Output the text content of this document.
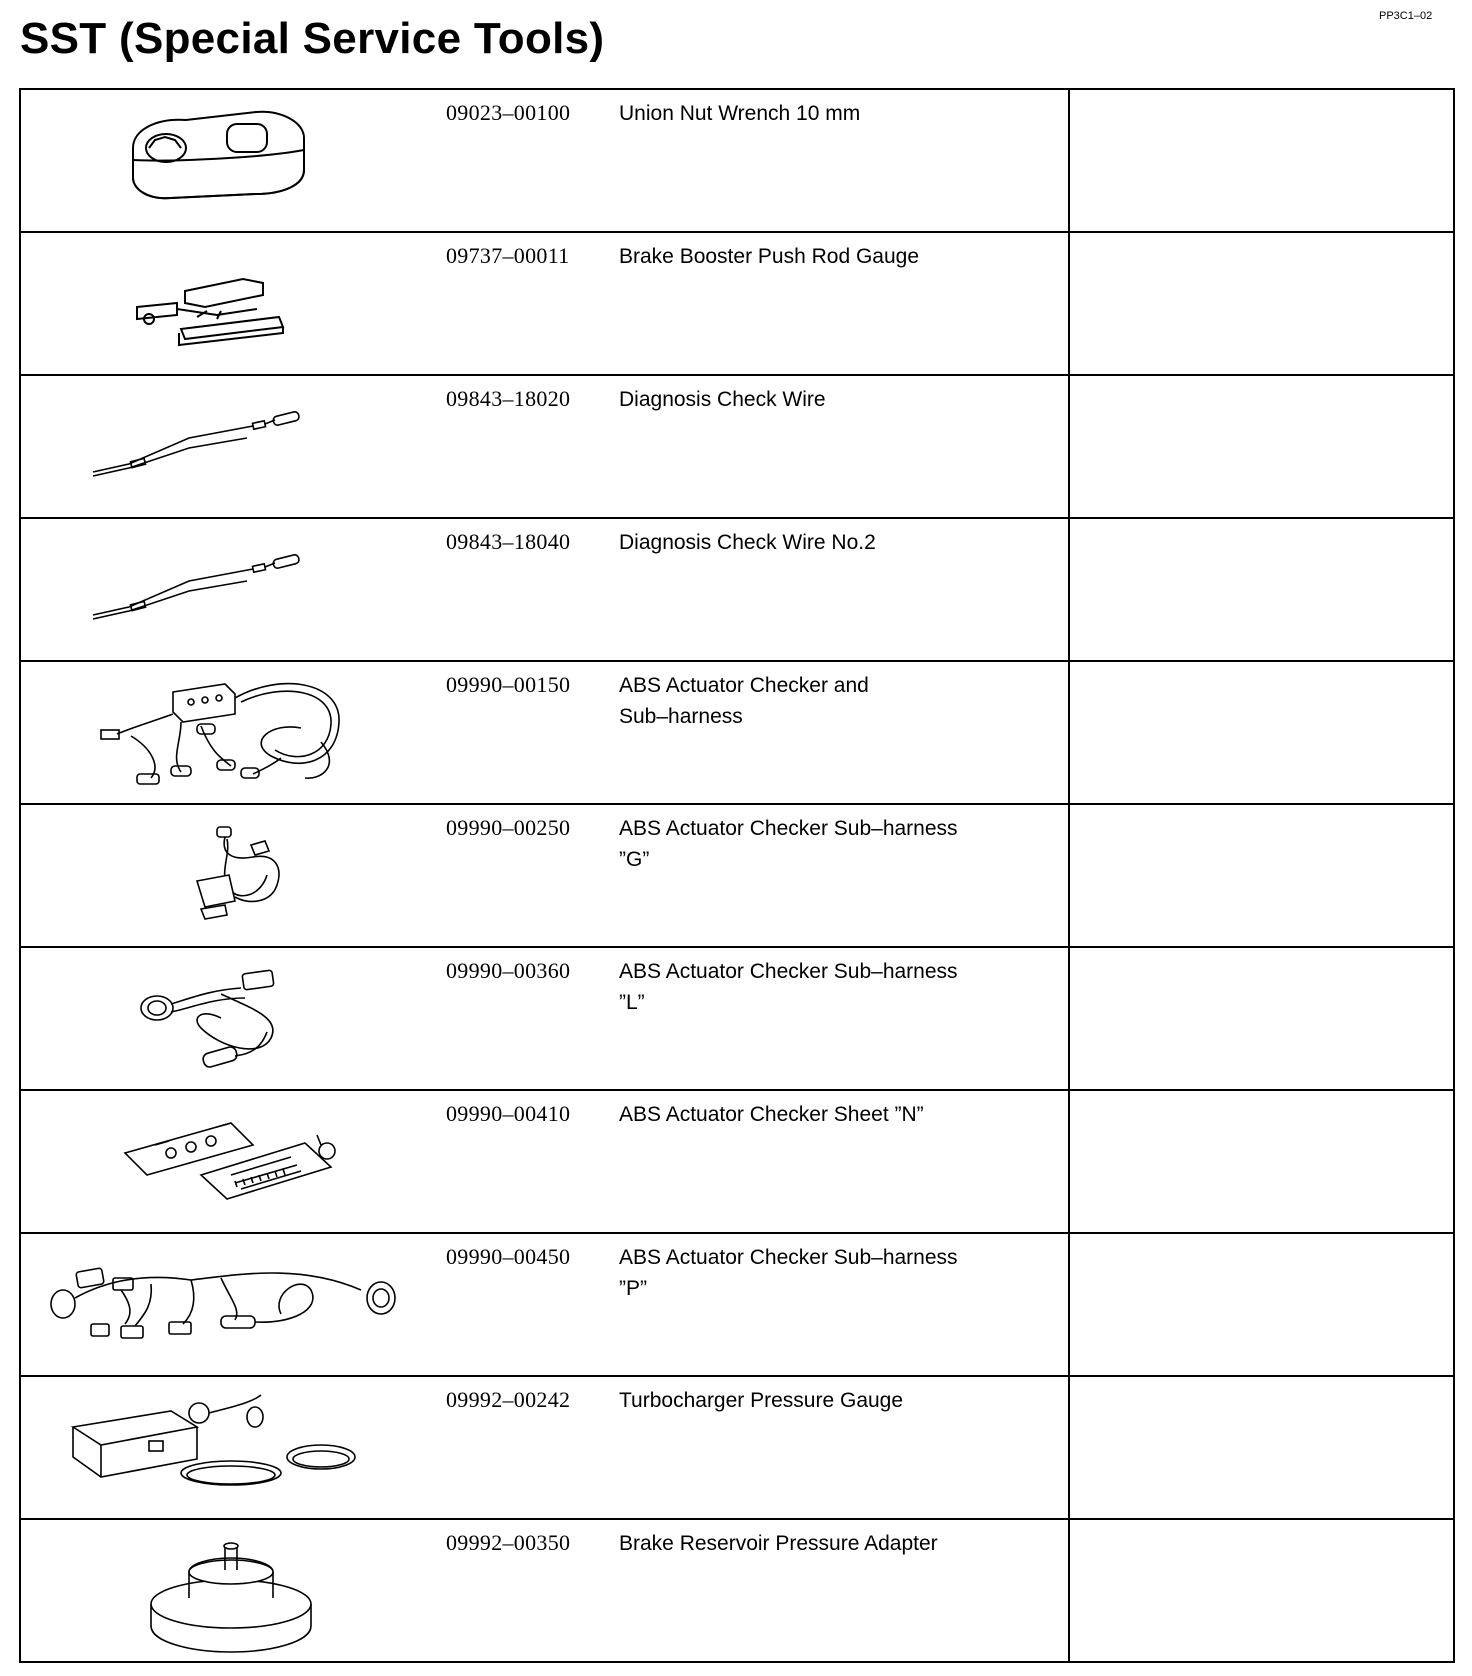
PP3C1–02
SST (Special Service Tools)
09023–00100 Union Nut Wrench 10 mm
09737–00011 Brake Booster Push Rod Gauge
09843–18020 Diagnosis Check Wire
09843–18040 Diagnosis Check Wire No.2
09990–00150 ABS Actuator Checker and
Sub–harness
09990–00250 ABS Actuator Checker Sub–harness
”G”
09990–00360 ABS Actuator Checker Sub–harness
”L”
09990–00410 ABS Actuator Checker Sheet ”N”
09990–00450 ABS Actuator Checker Sub–harness
”P”
09992–00242 Turbocharger Pressure Gauge
09992–00350 Brake Reservoir Pressure Adapter
